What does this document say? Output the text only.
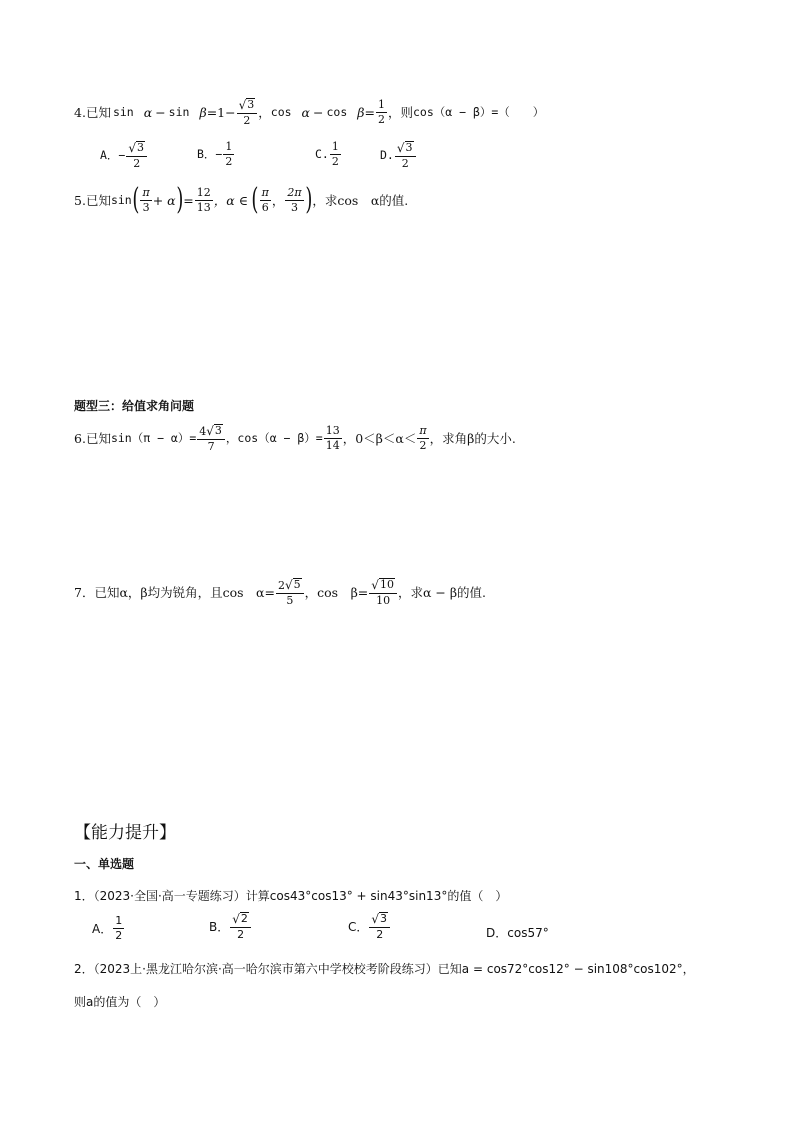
4. 已知 $\sin \alpha - \sin \beta =1- \frac{√ 3}{2}$ ， $\cos \alpha - \cos \beta = \frac{1}{2}$ ，则 cos（α − β）=（　　）
A．− $\frac{√ 3}{2}$	B．− $\frac{1}{2}$	C. $\frac{1}{2}$	D. $\frac{√ 3}{2}$
5. 已知 sin ( $\frac{\pi}{3} + \alpha$ ) = $\frac{12}{13}$ ，α ∈ ( $\frac{\pi}{6}$ ， $\frac{2\pi}{3}$ ) ，求cos　α的值.
题型三：给值求角问题
6. 已知 $\sin(\pi - \alpha)= \frac{4 √ 3}{7}$ ，$\cos(\alpha - \beta)= \frac{13}{14}$ ，$0<\beta<\alpha< \frac{\pi}{2}$ ，求角β的大小.
7．已知α，β均为锐角，且cos　$\alpha= \frac{2 √ 5}{5}$ ，cos　$\beta= \frac{√ 10}{10}$ ，求α − β的值.
【能力提升】
一、单选题
1．（2023·全国·高一专题练习）计算cos43°cos13° + sin43°sin13°的值（　）
A． $\frac{1}{2}$	B． $\frac{√ 2}{2}$	C． $\frac{√ 3}{2}$	D． cos57°
2．（2023上·黑龙江哈尔滨·高一哈尔滨市第六中学校校考阶段练习）已知a = cos72°cos12° − sin108°cos102°，
则a的值为（　）
